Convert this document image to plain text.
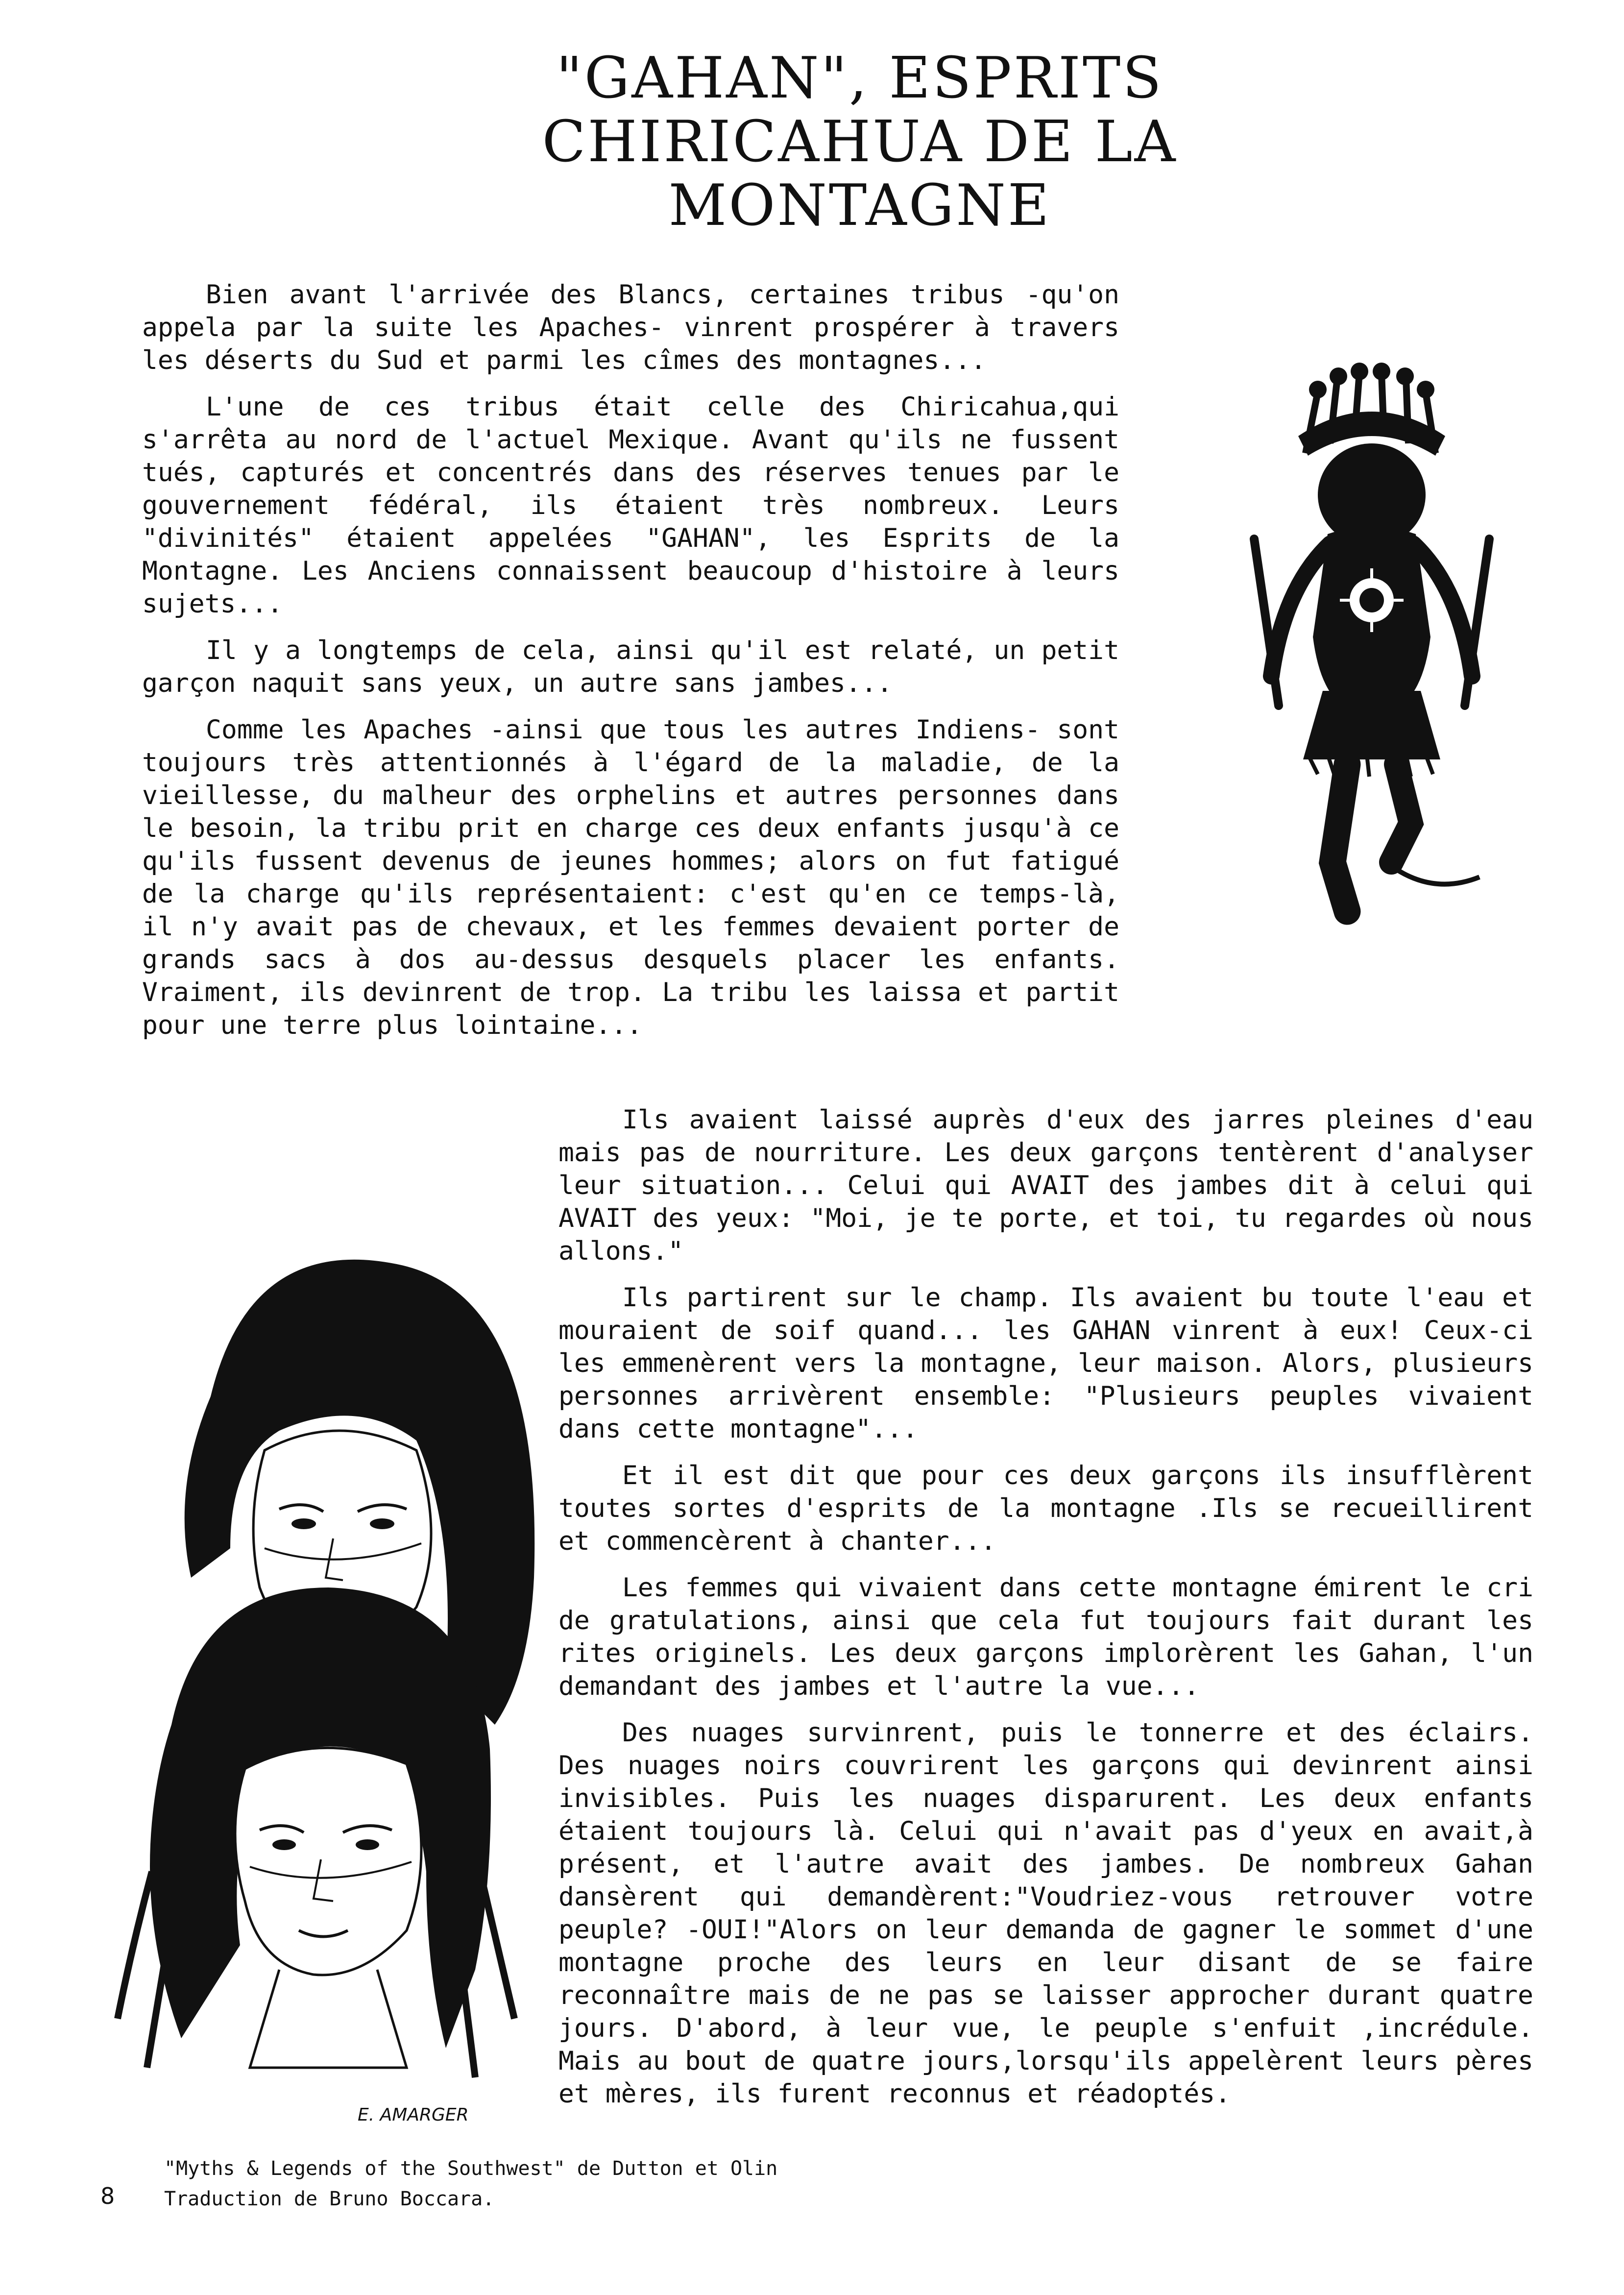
"GAHAN", ESPRITS
CHIRICAHUA DE LA
MONTAGNE

Bien avant l'arrivée des Blancs, certaines tribus -qu'on appela par la suite les Apaches- vinrent prospérer à travers les déserts du Sud et parmi les cîmes des montagnes...

L'une de ces tribus était celle des Chiricahua,qui s'arrêta au nord de l'actuel Mexique. Avant qu'ils ne fussent tués, capturés et concentrés dans des réserves tenues par le gouvernement fédéral, ils étaient très nombreux. Leurs "divinités" étaient appelées "GAHAN", les Esprits de la Montagne. Les Anciens connaissent beaucoup d'histoire à leurs sujets...

Il y a longtemps de cela, ainsi qu'il est relaté, un petit garçon naquit sans yeux, un autre sans jambes...

Comme les Apaches -ainsi que tous les autres Indiens- sont toujours très attentionnés à l'égard de la maladie, de la vieillesse, du malheur des orphelins et autres personnes dans le besoin, la tribu prit en charge ces deux enfants jusqu'à ce qu'ils fussent devenus de jeunes hommes; alors on fut fatigué de la charge qu'ils représentaient: c'est qu'en ce temps-là, il n'y avait pas de chevaux, et les femmes devaient porter de grands sacs à dos au-dessus desquels placer les enfants. Vraiment, ils devinrent de trop. La tribu les laissa et partit pour une terre plus lointaine...

E. AMARGER

Ils avaient laissé auprès d'eux des jarres pleines d'eau mais pas de nourriture. Les deux garçons tentèrent d'analyser leur situation... Celui qui AVAIT des jambes dit à celui qui AVAIT des yeux: "Moi, je te porte, et toi, tu regardes où nous allons."

Ils partirent sur le champ. Ils avaient bu toute l'eau et mouraient de soif quand... les GAHAN vinrent à eux! Ceux-ci les emmenèrent vers la montagne, leur maison. Alors, plusieurs personnes arrivèrent ensemble: "Plusieurs peuples vivaient dans cette montagne"...

Et il est dit que pour ces deux garçons ils insufflèrent toutes sortes d'esprits de la montagne .Ils se recueillirent et commencèrent à chanter...

Les femmes qui vivaient dans cette montagne émirent le cri de gratulations, ainsi que cela fut toujours fait durant les rites originels. Les deux garçons implorèrent les Gahan, l'un demandant des jambes et l'autre la vue...

Des nuages survinrent, puis le tonnerre et des éclairs. Des nuages noirs couvrirent les garçons qui devinrent ainsi invisibles. Puis les nuages disparurent. Les deux enfants étaient toujours là. Celui qui n'avait pas d'yeux en avait,à présent, et l'autre avait des jambes. De nombreux Gahan dansèrent qui demandèrent:"Voudriez-vous retrouver votre peuple? -OUI!"Alors on leur demanda de gagner le sommet d'une montagne proche des leurs en leur disant de se faire reconnaître mais de ne pas se laisser approcher durant quatre jours. D'abord, à leur vue, le peuple s'enfuit ,incrédule. Mais au bout de quatre jours,lorsqu'ils appelèrent leurs pères et mères, ils furent reconnus et réadoptés.

"Myths & Legends of the Southwest" de Dutton et Olin
Traduction de Bruno Boccara.
8
